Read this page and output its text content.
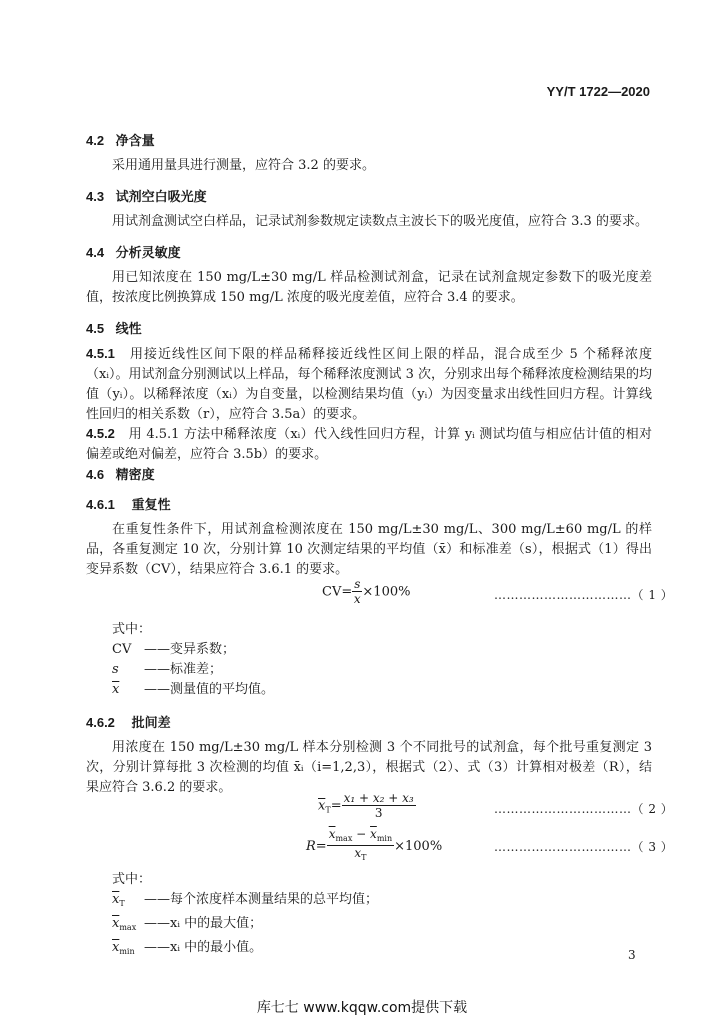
YY/T 1722—2020
4.2 净含量
采用通用量具进行测量，应符合 3.2 的要求。
4.3 试剂空白吸光度
用试剂盒测试空白样品，记录试剂参数规定读数点主波长下的吸光度值，应符合 3.3 的要求。
4.4 分析灵敏度
用已知浓度在 150 mg/L±30 mg/L 样品检测试剂盒，记录在试剂盒规定参数下的吸光度差值，按浓度比例换算成 150 mg/L 浓度的吸光度差值，应符合 3.4 的要求。
4.5 线性
4.5.1　 用接近线性区间下限的样品稀释接近线性区间上限的样品，混合成至少 5 个稀释浓度（xᵢ）。用试剂盒分别测试以上样品，每个稀释浓度测试 3 次，分别求出每个稀释浓度检测结果的均值（yᵢ）。以稀释浓度（xᵢ）为自变量，以检测结果均值（yᵢ）为因变量求出线性回归方程。计算线性回归的相关系数（r），应符合 3.5a）的要求。
4.5.2　 用 4.5.1 方法中稀释浓度（xᵢ）代入线性回归方程，计算 yᵢ 测试均值与相应估计值的相对偏差或绝对偏差，应符合 3.5b）的要求。
4.6 精密度
4.6.1 重复性
在重复性条件下，用试剂盒检测浓度在 150 mg/L±30 mg/L、300 mg/L±60 mg/L 的样品，各重复测定 10 次，分别计算 10 次测定结果的平均值（x̄）和标准差（s），根据式（1）得出变异系数（CV），结果应符合 3.6.1 的要求。
$CV= \frac{s}{x} \times 100\%$	……………………………（ 1 ）
式中：
CV ——变异系数；
s ——标准差；
$\overline{x}$ ——测量值的平均值。
4.6.2 批间差
用浓度在 150 mg/L±30 mg/L 样本分别检测 3 个不同批号的试剂盒，每个批号重复测定 3 次，分别计算每批 3 次检测的均值 x̄ᵢ（i=1,2,3），根据式（2）、式（3）计算相对极差（R），结果应符合 3.6.2 的要求。
$\overline{x}_T= \frac{\text{x₁ + x₂ + x₃}}{3}$	……………………………（ 2 ）
$R= \frac{\overline{x}_{max} - \overline{x}_{min}}{\overline{x}_T} \times 100\%$	……………………………（ 3 ）
式中：
$\overline{x}_T$ ——每个浓度样本测量结果的总平均值；
$\overline{x}_{max}$ ——xᵢ 中的最大值；
$\overline{x}_{min}$ ——xᵢ 中的最小值。	3
库七七 www.kqqw.com提供下载
